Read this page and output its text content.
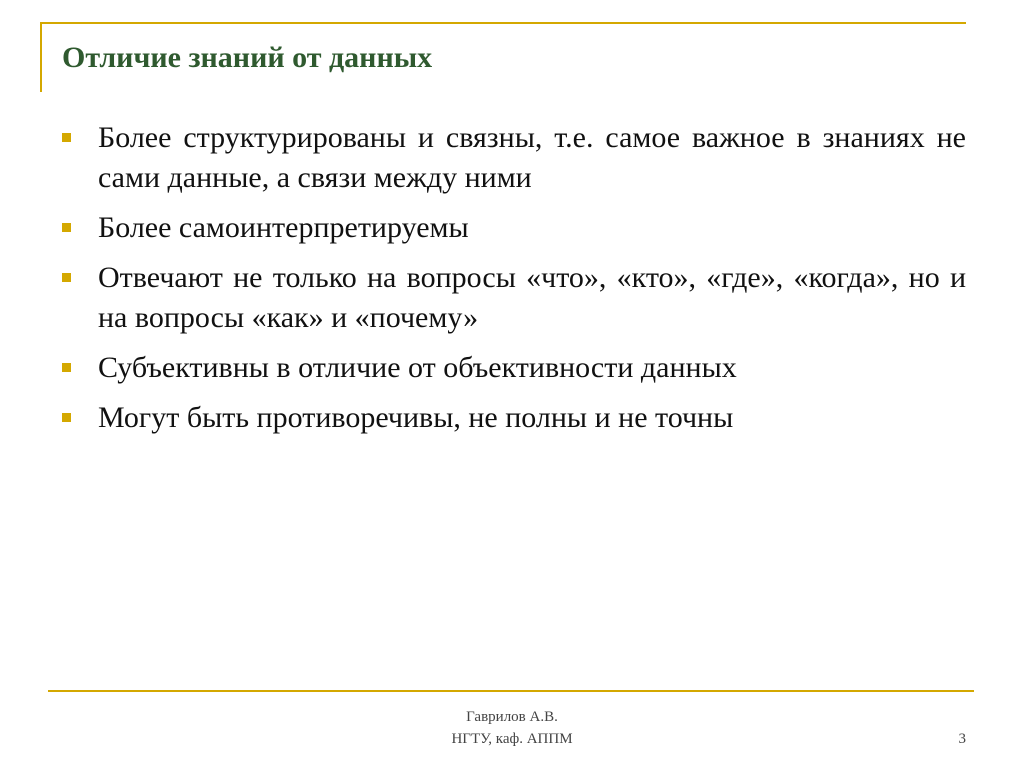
Отличие знаний от данных
Более структурированы и связны, т.е. самое важное в знаниях не сами данные, а связи между ними
Более самоинтерпретируемы
Отвечают не только на вопросы «что», «кто», «где», «когда», но и на вопросы «как» и «почему»
Субъективны в отличие от объективности данных
Могут быть противоречивы, не полны и не точны
Гаврилов А.В.
НГТУ, каф. АППМ	3
